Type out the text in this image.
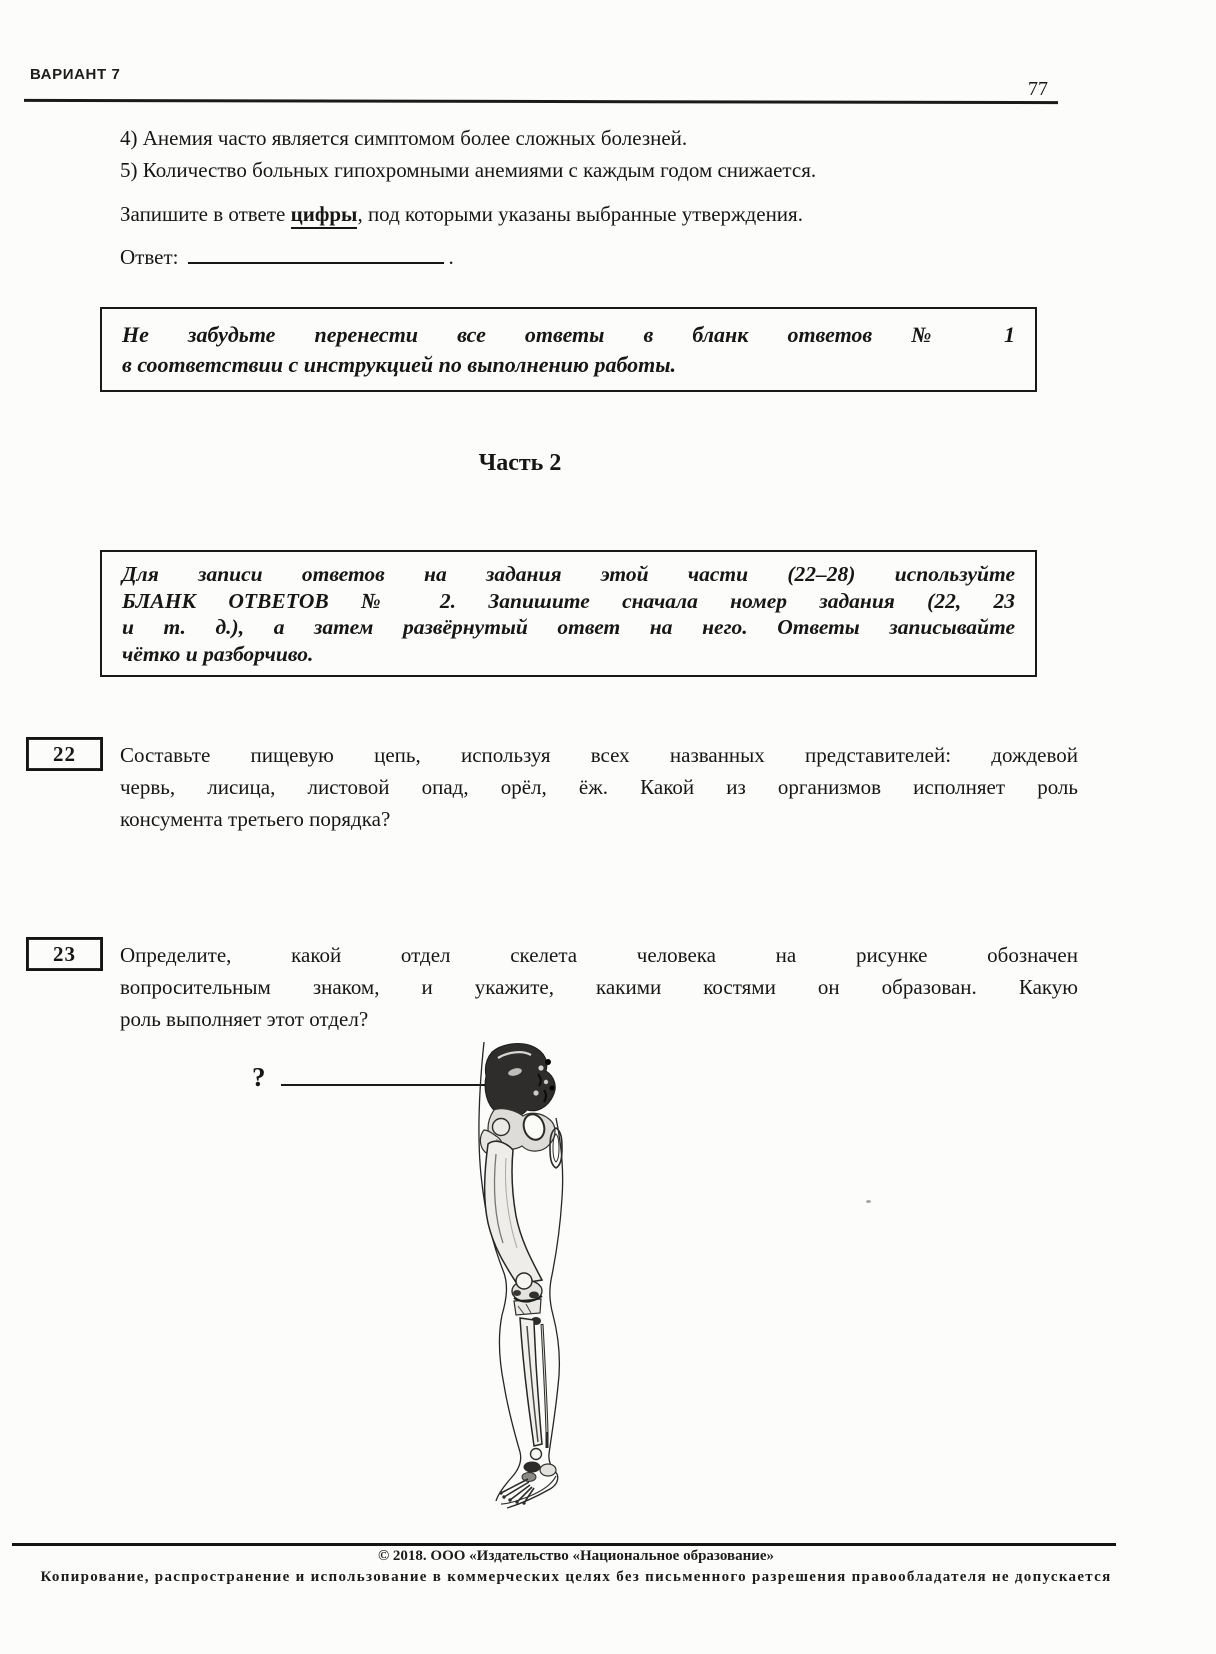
ВАРИАНТ 7
77
4) Анемия часто является симптомом более сложных болезней.
5) Количество больных гипохромными анемиями с каждым годом снижается.
Запишите в ответе цифры, под которыми указаны выбранные утверждения.
Ответ:	.
Не забудьте перенести все ответы в бланк ответов № 1
в соответствии с инструкцией по выполнению работы.
Часть 2
Для записи ответов на задания этой части (22–28) используйте
БЛАНК ОТВЕТОВ № 2. Запишите сначала номер задания (22, 23
и т. д.), а затем развёрнутый ответ на него. Ответы записывайте
чётко и разборчиво.
22 Составьте пищевую цепь, используя всех названных представителей: дождевой
червь, лисица, листовой опад, орёл, ёж. Какой из организмов исполняет роль
консумента третьего порядка?
23 Определите, какой отдел скелета человека на рисунке обозначен
вопросительным знаком, и укажите, какими костями он образован. Какую
роль выполняет этот отдел?
?
© 2018. ООО «Издательство «Национальное образование»
Копирование, распространение и использование в коммерческих целях без письменного разрешения правообладателя не допускается
